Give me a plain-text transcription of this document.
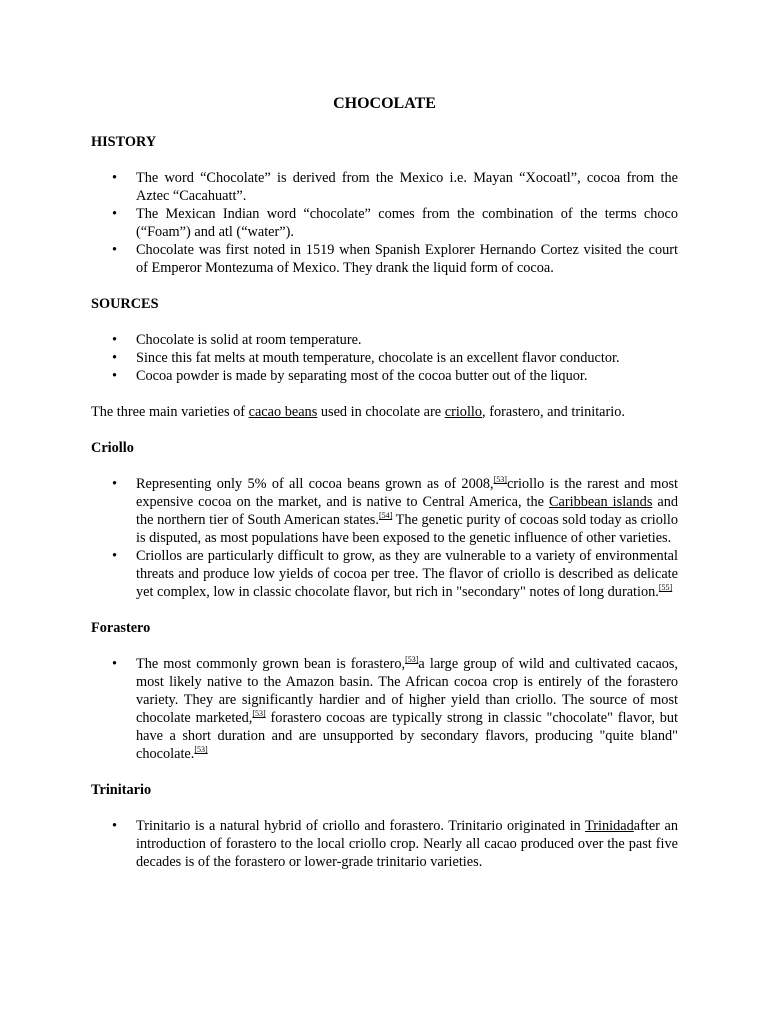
CHOCOLATE
HISTORY
• The word “Chocolate” is derived from the Mexico i.e. Mayan “Xocoatl”, cocoa from the Aztec “Cacahuatt”.
• The Mexican Indian word “chocolate” comes from the combination of the terms choco (“Foam”) and atl (“water”).
• Chocolate was first noted in 1519 when Spanish Explorer Hernando Cortez visited the court of Emperor Montezuma of Mexico. They drank the liquid form of cocoa.
SOURCES
• Chocolate is solid at room temperature.
• Since this fat melts at mouth temperature, chocolate is an excellent flavor conductor.
• Cocoa powder is made by separating most of the cocoa butter out of the liquor.

The three main varieties of cacao beans used in chocolate are criollo, forastero, and trinitario.

Criollo
• Representing only 5% of all cocoa beans grown as of 2008,[53]criollo is the rarest and most expensive cocoa on the market, and is native to Central America, the Caribbean islands and the northern tier of South American states.[54] The genetic purity of cocoas sold today as criollo is disputed, as most populations have been exposed to the genetic influence of other varieties.
• Criollos are particularly difficult to grow, as they are vulnerable to a variety of environmental threats and produce low yields of cocoa per tree. The flavor of criollo is described as delicate yet complex, low in classic chocolate flavor, but rich in "secondary" notes of long duration.[55]
Forastero
• The most commonly grown bean is forastero,[53]a large group of wild and cultivated cacaos, most likely native to the Amazon basin. The African cocoa crop is entirely of the forastero variety. They are significantly hardier and of higher yield than criollo. The source of most chocolate marketed,[53] forastero cocoas are typically strong in classic "chocolate" flavor, but have a short duration and are unsupported by secondary flavors, producing "quite bland" chocolate.[53]
Trinitario
• Trinitario is a natural hybrid of criollo and forastero. Trinitario originated in Trinidadafter an introduction of forastero to the local criollo crop. Nearly all cacao produced over the past five decades is of the forastero or lower-grade trinitario varieties.
